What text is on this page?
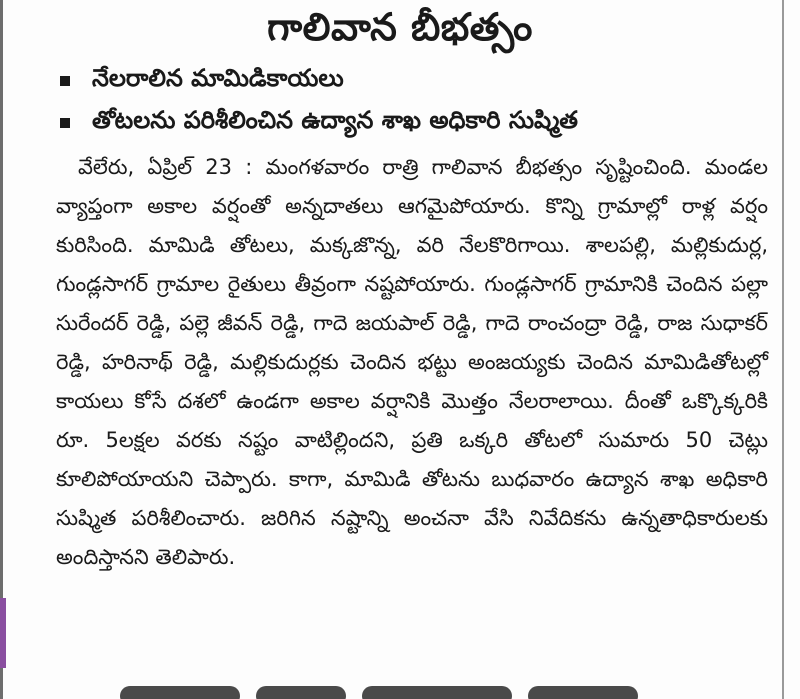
గాలివాన బీభత్సం
నేలరాలిన మామిడికాయలు
తోటలను పరిశీలించిన ఉద్యాన శాఖ అధికారి సుష్మిత

వేలేరు, ఏప్రిల్ 23 : మంగళవారం రాత్రి గాలివాన బీభత్సం సృష్టించింది. మండల వ్యాప్తంగా అకాల వర్షంతో అన్నదాతలు ఆగమైపోయారు. కొన్ని గ్రామాల్లో రాళ్ల వర్షం కురిసింది. మామిడి తోటలు, మక్కజొన్న, వరి నేలకొరిగాయి. శాలపల్లి, మల్లికుదుర్ల, గుండ్లసాగర్ గ్రామాల రైతులు తీవ్రంగా నష్టపోయారు. గుండ్లసాగర్ గ్రామానికి చెందిన పల్లా సురేందర్ రెడ్డి, పల్లె జీవన్ రెడ్డి, గాదె జయపాల్ రెడ్డి, గాదె రాంచంద్రా రెడ్డి, రాజ సుధాకర్ రెడ్డి, హరినాథ్ రెడ్డి, మల్లికుదుర్లకు చెందిన భట్టు అంజయ్యకు చెందిన మామిడితోటల్లో కాయలు కోసే దశలో ఉండగా అకాల వర్షానికి మొత్తం నేలరాలాయి. దీంతో ఒక్కొక్కరికి రూ. 5లక్షల వరకు నష్టం వాటిల్లిందని, ప్రతి ఒక్కరి తోటలో సుమారు 50 చెట్లు కూలిపోయాయని చెప్పారు. కాగా, మామిడి తోటను బుధవారం ఉద్యాన శాఖ అధికారి సుష్మిత పరిశీలించారు. జరిగిన నష్టాన్ని అంచనా వేసి నివేదికను ఉన్నతాధికారులకు అందిస్తానని తెలిపారు.
